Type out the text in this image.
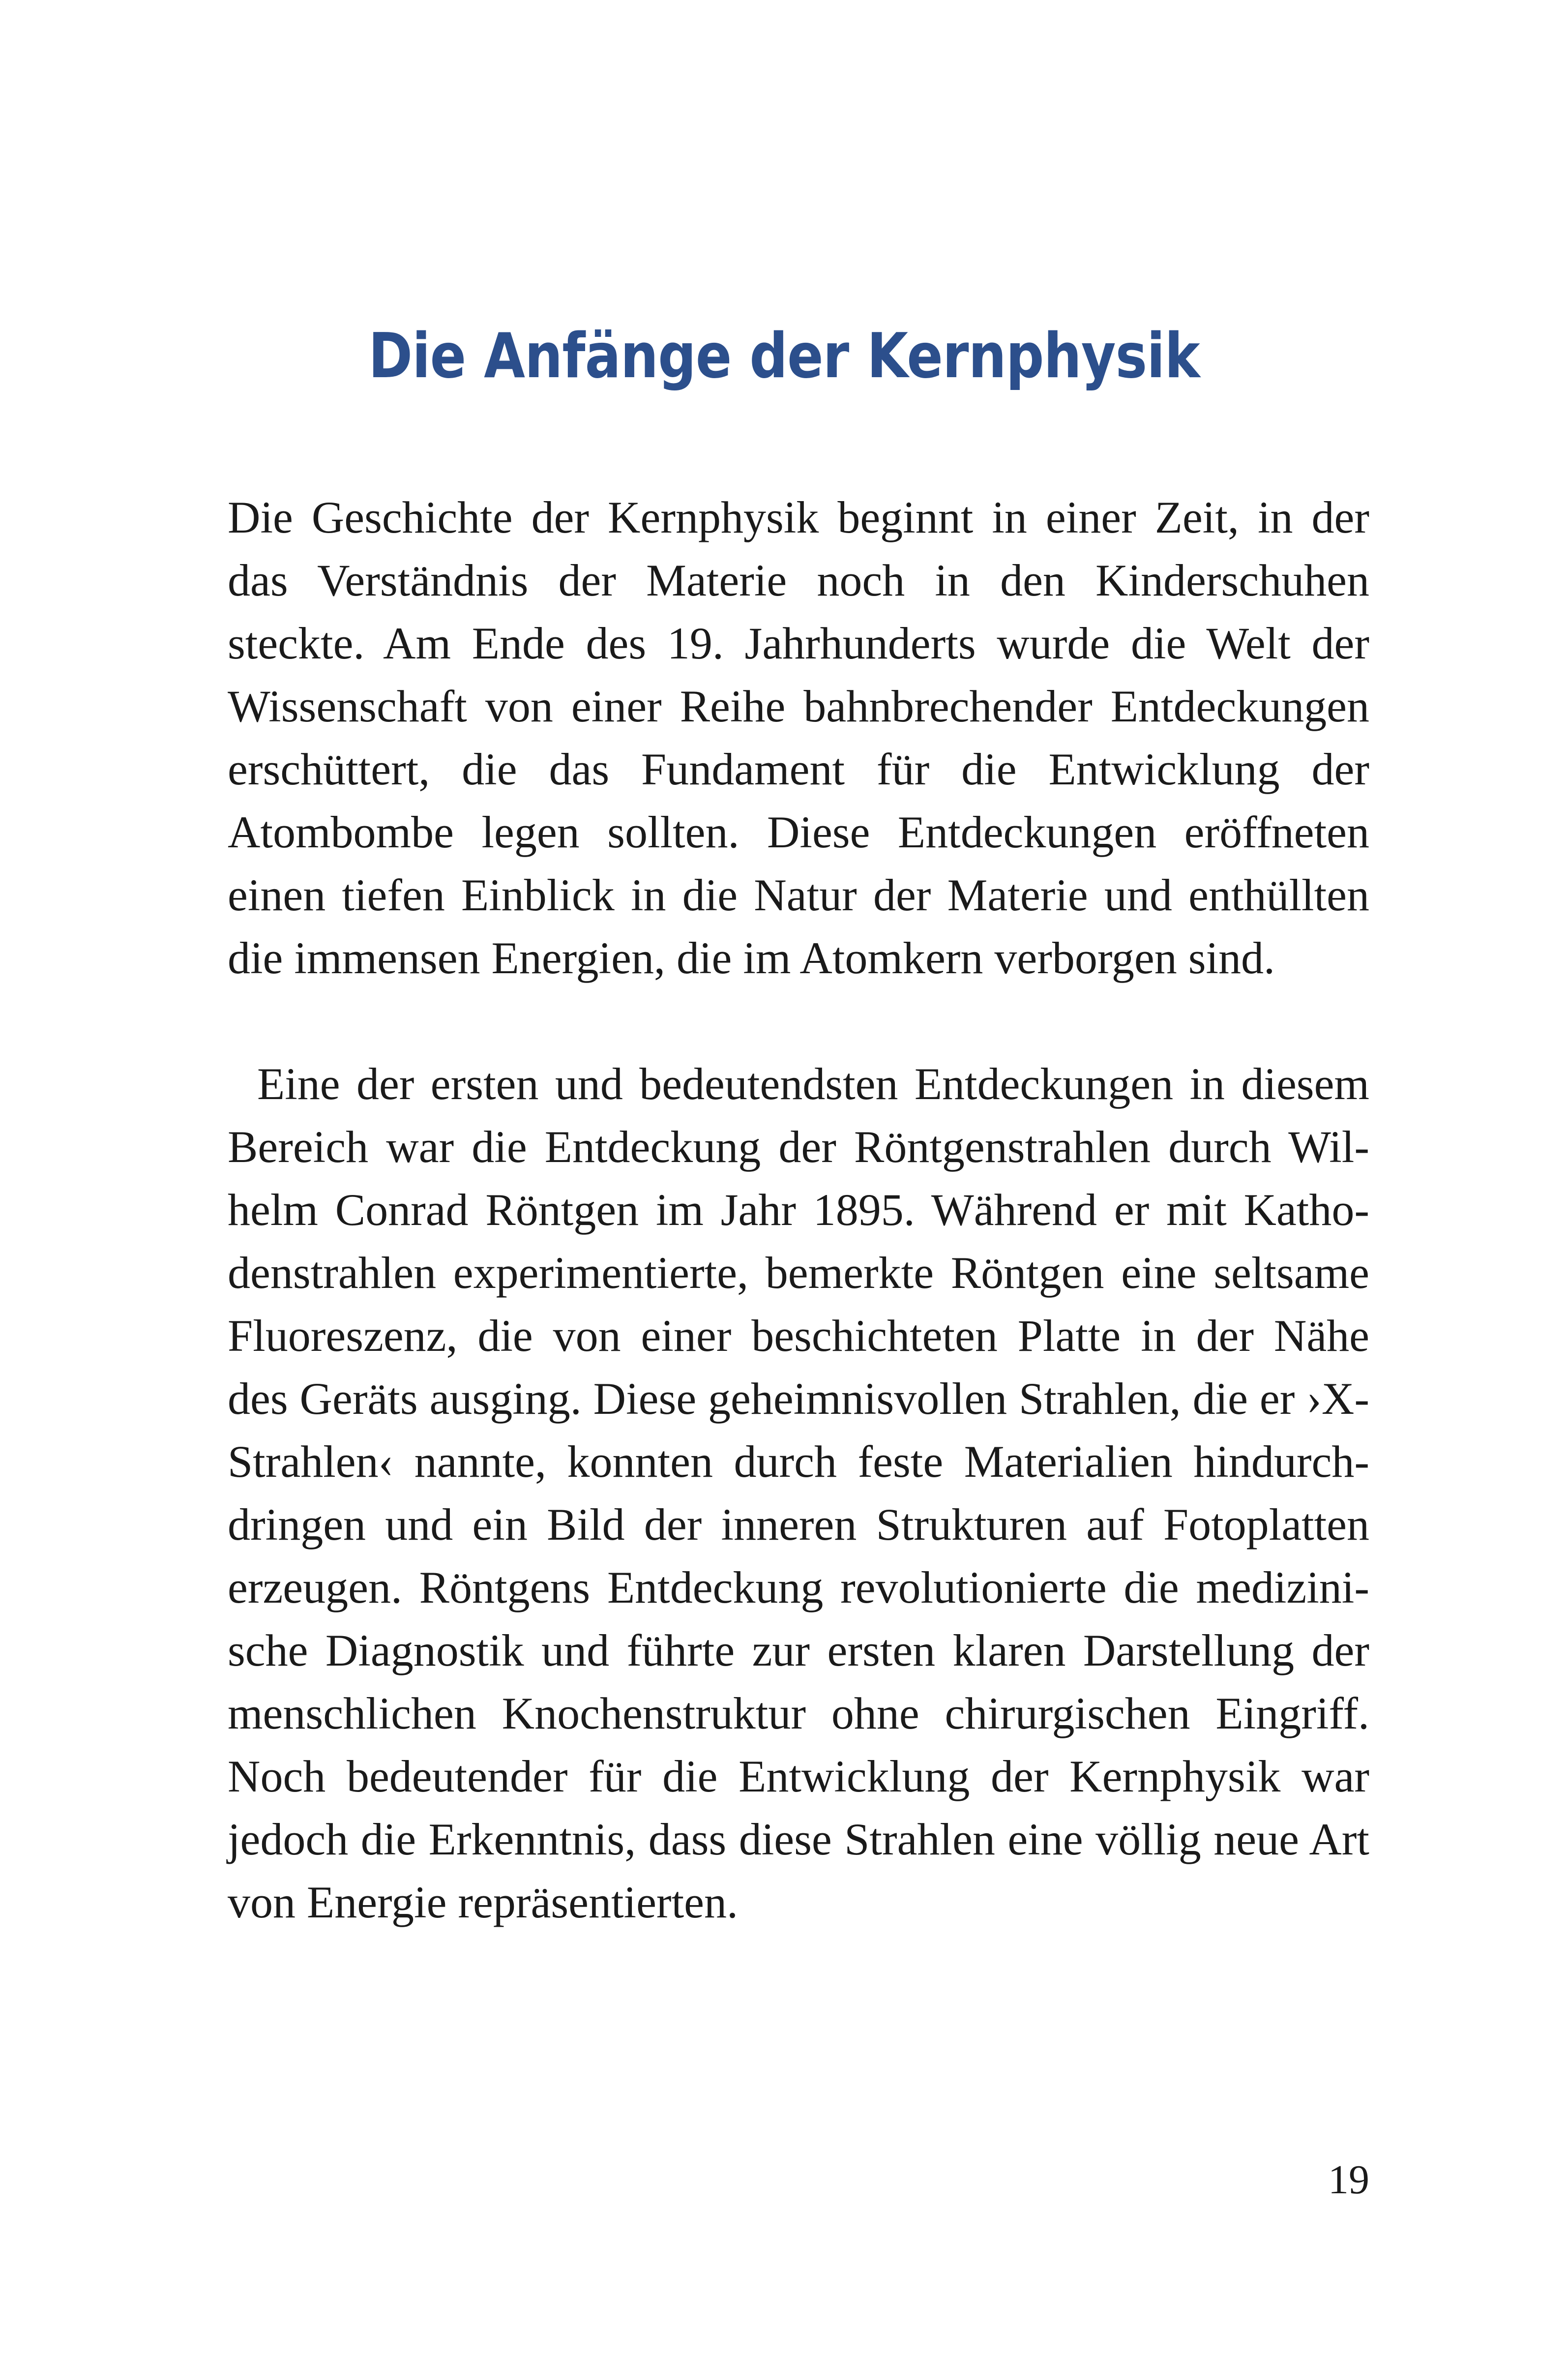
Die Anfänge der Kernphysik

Die Geschichte der Kernphysik beginnt in einer Zeit, in der das Verständnis der Materie noch in den Kinderschuhen steckte. Am Ende des 19. Jahrhunderts wurde die Welt der Wissenschaft von einer Reihe bahnbrechender Entdeckungen erschüttert, die das Fundament für die Entwicklung der Atombombe legen sollten. Diese Entdeckungen eröffneten einen tiefen Einblick in die Natur der Materie und enthüllten die immensen Energien, die im Atomkern verborgen sind.

Eine der ersten und bedeutendsten Entdeckungen in diesem Bereich war die Entdeckung der Röntgenstrahlen durch Wilhelm Conrad Röntgen im Jahr 1895. Während er mit Kathodenstrahlen experimentierte, bemerkte Röntgen eine seltsame Fluoreszenz, die von einer beschichteten Platte in der Nähe des Geräts ausging. Diese geheimnisvollen Strahlen, die er ›X-Strahlen‹ nannte, konnten durch feste Materialien hindurchdringen und ein Bild der inneren Strukturen auf Fotoplatten erzeugen. Röntgens Entdeckung revolutionierte die medizinische Diagnostik und führte zur ersten klaren Darstellung der menschlichen Knochenstruktur ohne chirurgischen Eingriff. Noch bedeutender für die Entwicklung der Kernphysik war jedoch die Erkenntnis, dass diese Strahlen eine völlig neue Art von Energie repräsentierten.

19
